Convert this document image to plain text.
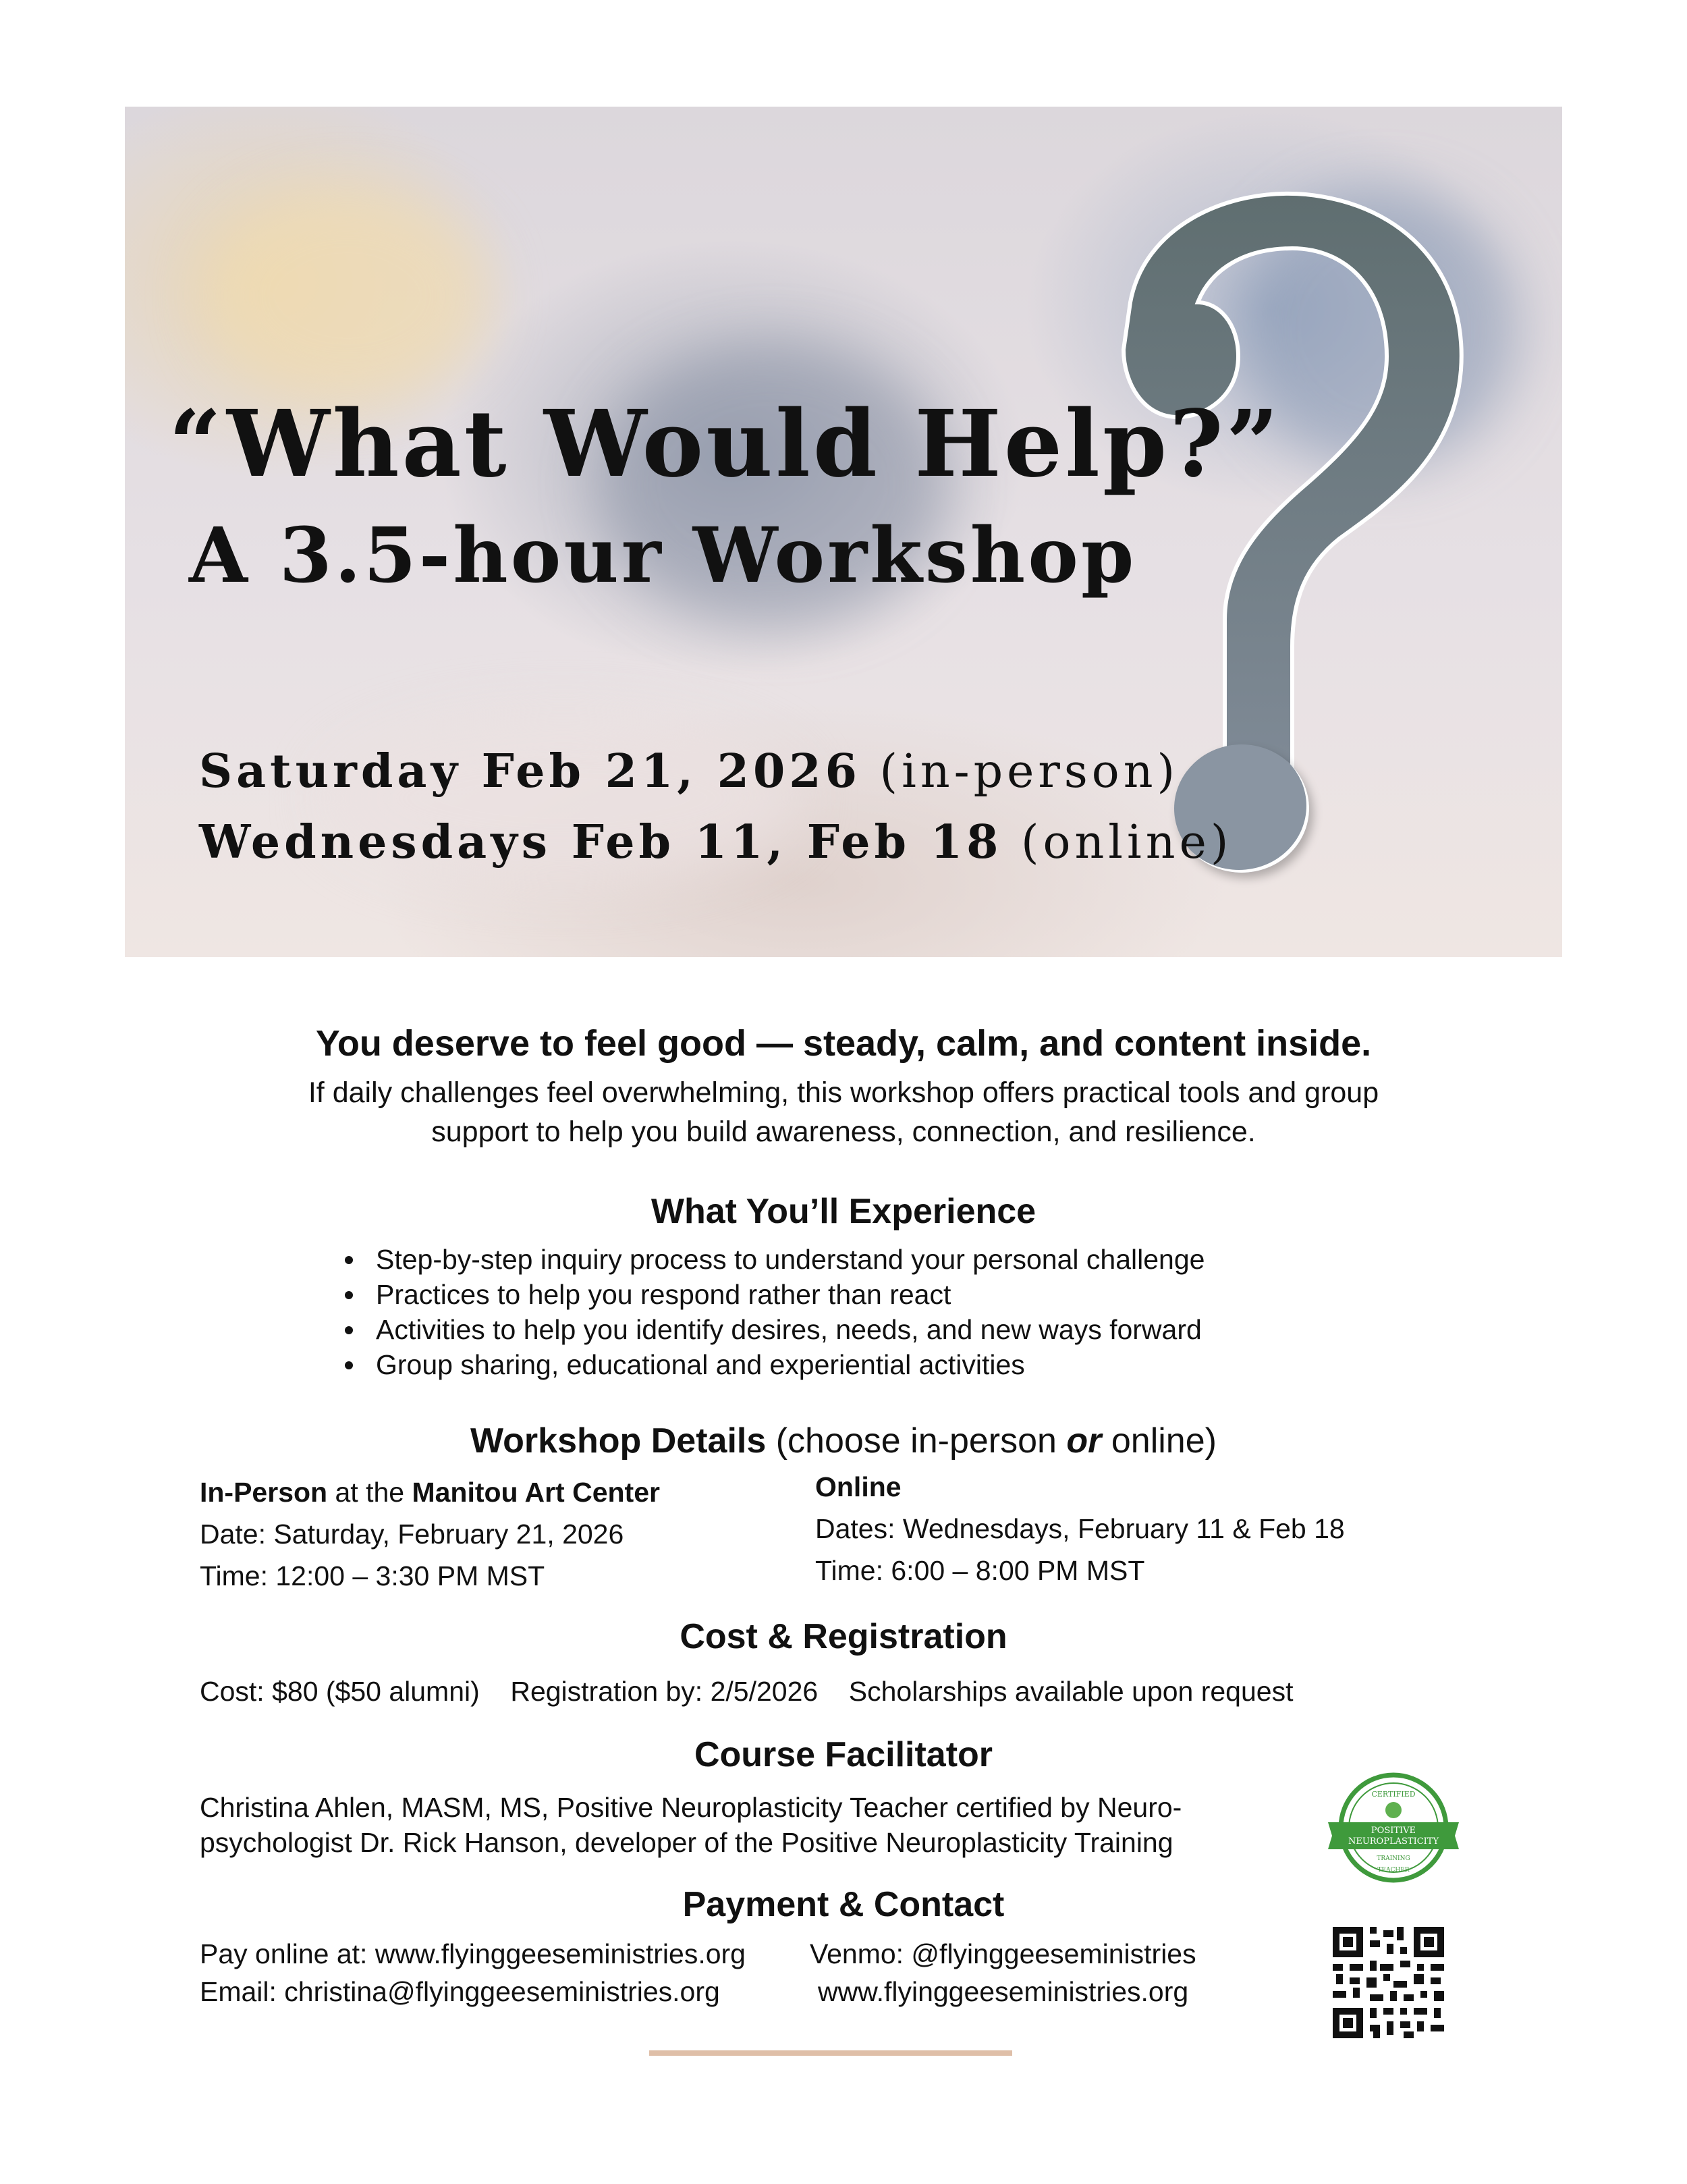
“What Would Help?”
A 3.5-hour Workshop

Saturday Feb 21, 2026 (in-person)

Wednesdays Feb 11, Feb 18 (online)

You deserve to feel good — steady, calm, and content inside.

If daily challenges feel overwhelming, this workshop offers practical tools and group
support to help you build awareness, connection, and resilience.

What You’ll Experience

Step-by-step inquiry process to understand your personal challenge
Practices to help you respond rather than react
Activities to help you identify desires, needs, and new ways forward
Group sharing, educational and experiential activities

Workshop Details (choose in-person or online)

In-Person at the Manitou Art Center
Date: Saturday, February 21, 2026
Time: 12:00 – 3:30 PM MST
Online
Dates: Wednesdays, February 11 & Feb 18
Time: 6:00 – 8:00 PM MST

Cost & Registration

Cost: $80 ($50 alumni) Registration by: 2/5/2026 Scholarships available upon request

Course Facilitator

Christina Ahlen, MASM, MS, Positive Neuroplasticity Teacher certified by Neuro-
psychologist Dr. Rick Hanson, developer of the Positive Neuroplasticity Training
CERTIFIED
POSITIVE
NEUROPLASTICITY
TRAINING
TEACHER

Payment & Contact

Pay online at: www.flyinggeeseministries.org Venmo: @flyinggeeseministries
Email: christina@flyinggeeseministries.org	www.flyinggeeseministries.org
